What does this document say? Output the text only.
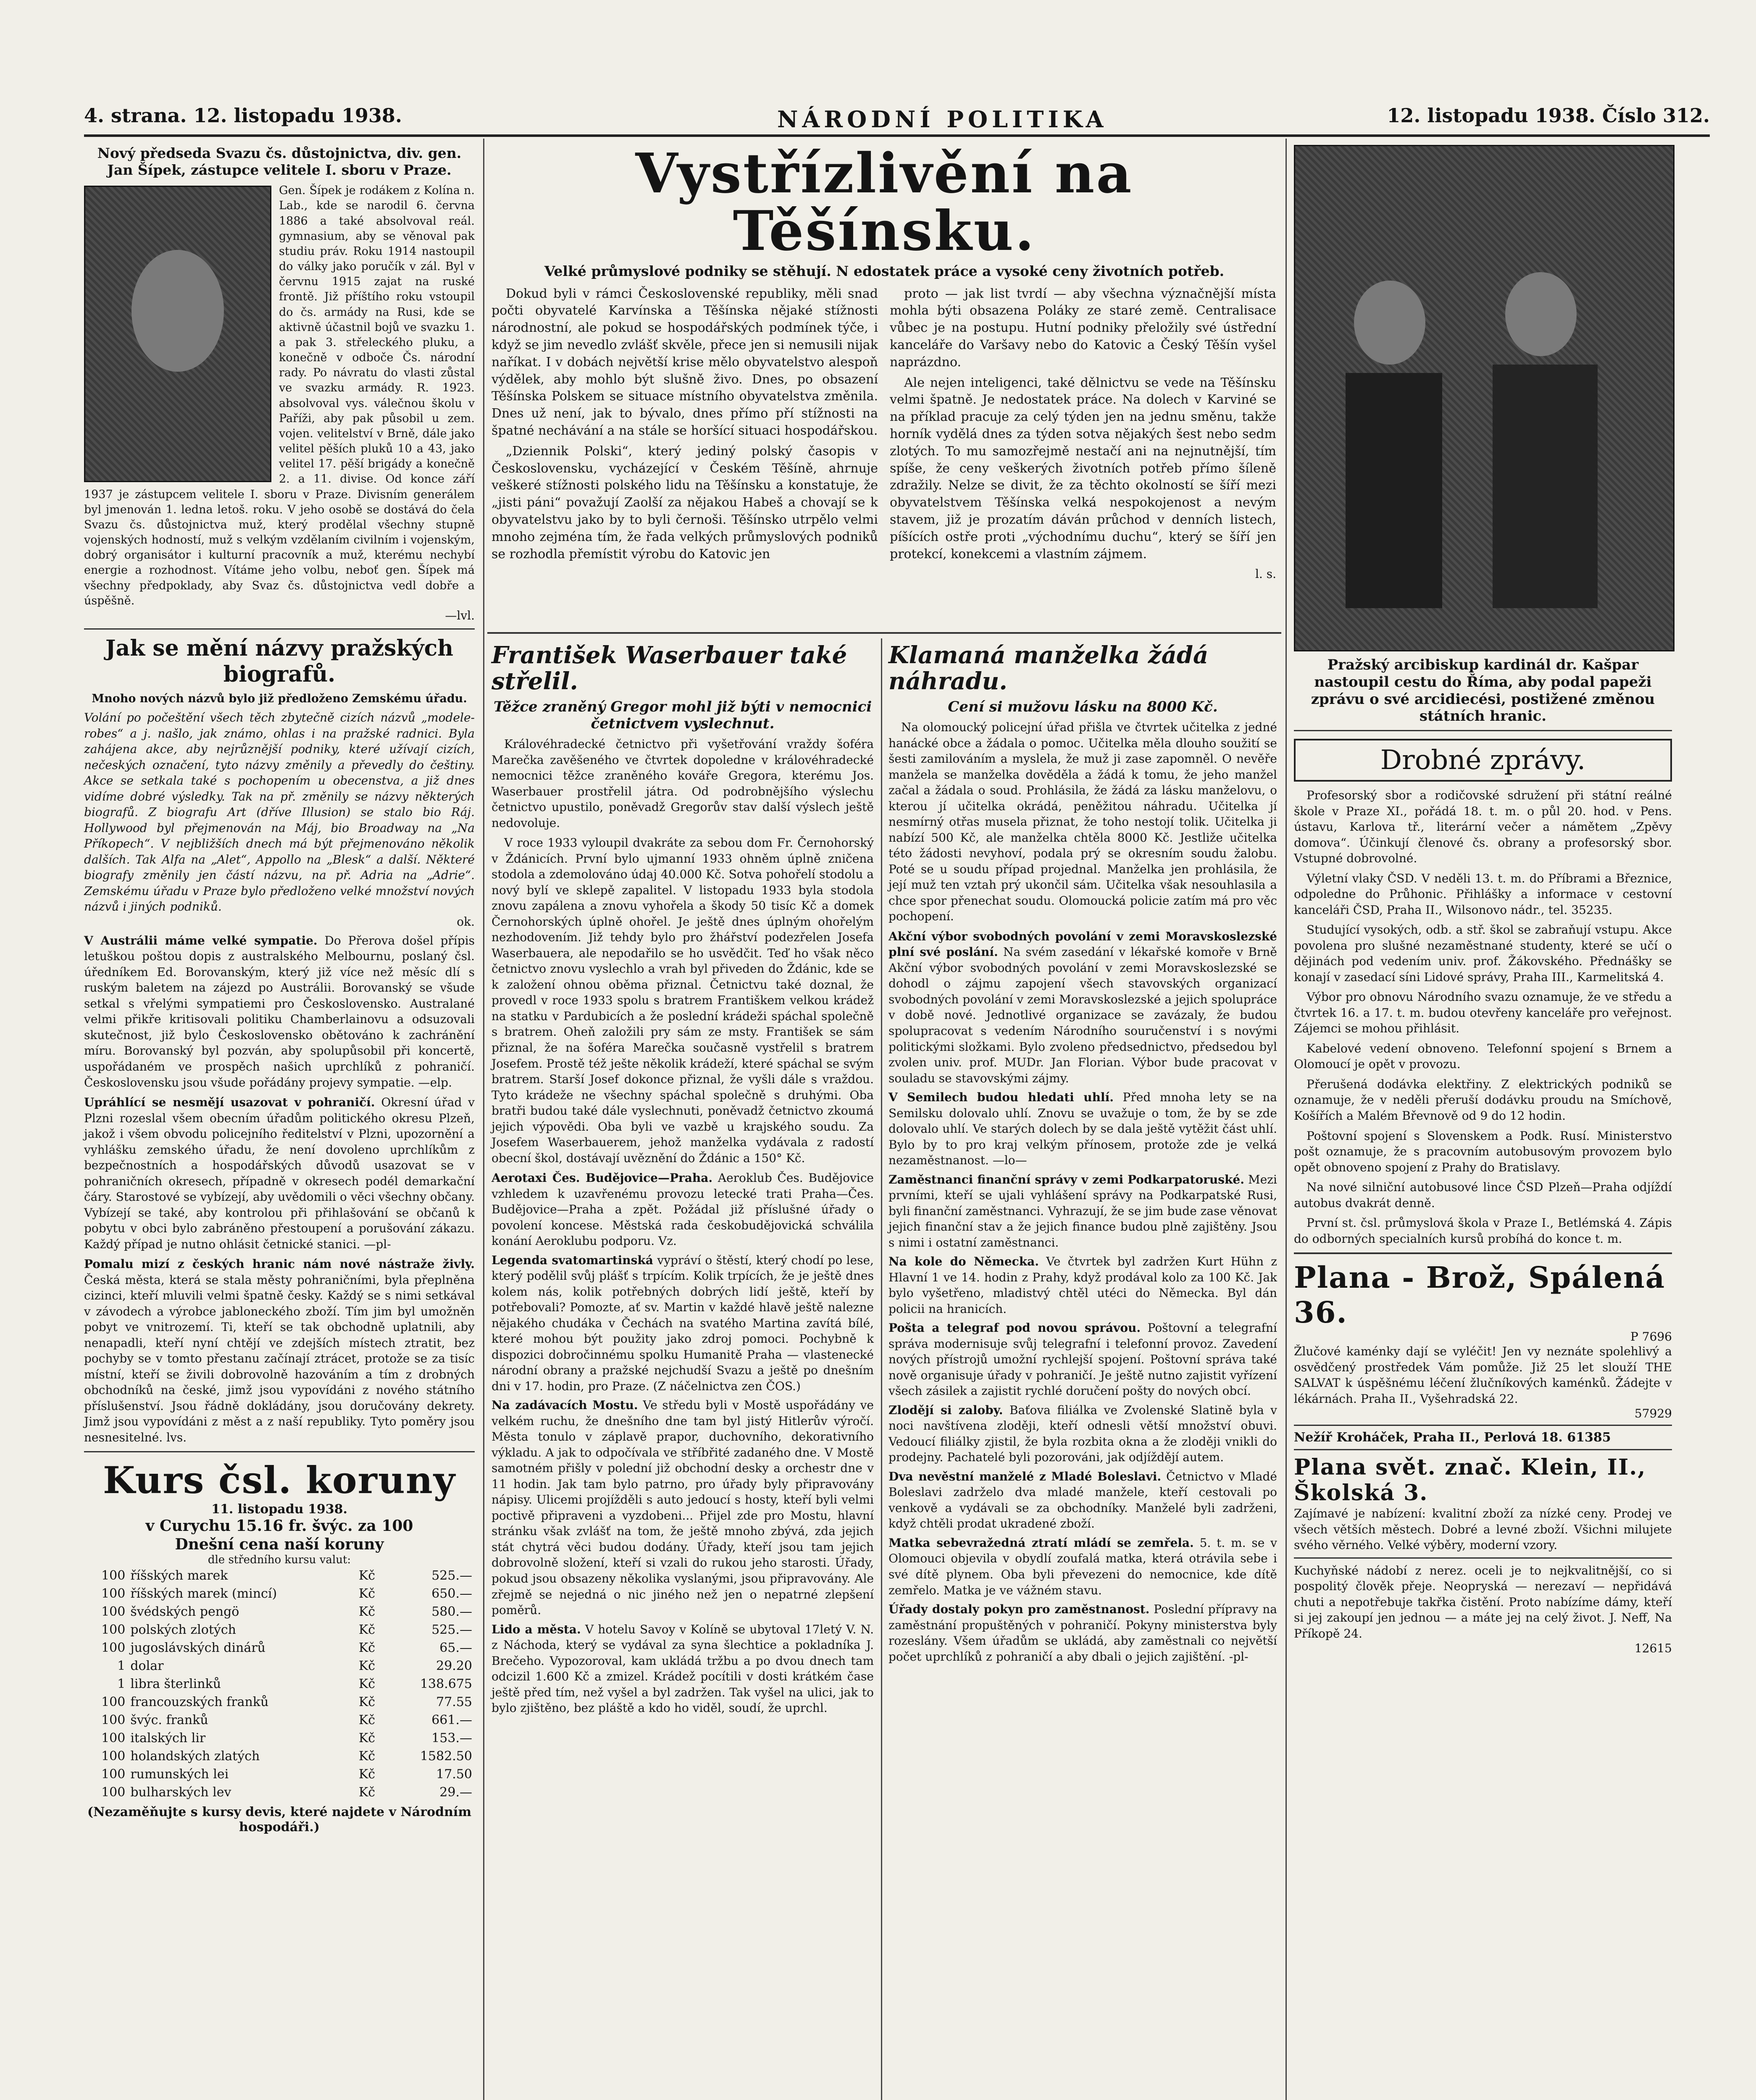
4. strana. 12. listopadu 1938.	NÁRODNÍ POLITIKA	12. listopadu 1938. Číslo 312.
Nový předseda Svazu čs. důstojnictva, div. gen. Jan Šípek, zástupce velitele I. sboru v Praze.
Gen. Šípek je rodákem z Kolína n. Lab., kde se narodil 6. června 1886 a také absolvoval reál. gymnasium, aby se věnoval pak studiu práv. Roku 1914 nastoupil do války jako poručík v zál. Byl v červnu 1915 zajat na ruské frontě. Již příštího roku vstoupil do čs. armády na Rusi, kde se aktivně účastnil bojů ve svazku 1. a pak 3. střeleckého pluku, a konečně v odboče Čs. národní rady. Po návratu do vlasti zůstal ve svazku armády. R. 1923. absolvoval vys. válečnou školu v Paříži, aby pak působil u zem. vojen. velitelství v Brně, dále jako velitel pěších pluků 10 a 43, jako velitel 17. pěší brigády a konečně 2. a 11. divise. Od konce září 1937 je zástupcem velitele I. sboru v Praze. Divisním generálem byl jmenován 1. ledna letoš. roku. V jeho osobě se dostává do čela Svazu čs. důstojnictva muž, který prodělal všechny stupně vojenských hodností, muž s velkým vzdělaním civilním i vojenským, dobrý organisátor i kulturní pracovník a muž, kterému nechybí energie a rozhodnost. Vítáme jeho volbu, neboť gen. Šípek má všechny předpoklady, aby Svaz čs. důstojnictva vedl dobře a úspěšně.
—lvl.
Jak se mění názvy pražských biografů.
Mnoho nových názvů bylo již předloženo Zemskému úřadu.
Volání po počeštění všech těch zbytečně cizích názvů „modele-robes“ a j. našlo, jak známo, ohlas i na pražské radnici. Byla zahájena akce, aby nejrůznější podniky, které užívají cizích, nečeských označení, tyto názvy změnily a převedly do češtiny. Akce se setkala také s pochopením u obecenstva, a již dnes vidíme dobré výsledky. Tak na př. změnily se názvy některých biografů. Z biografu Art (dříve Illusion) se stalo bio Ráj. Hollywood byl přejmenován na Máj, bio Broadway na „Na Příkopech“. V nejbližších dnech má být přejmenováno několik dalších. Tak Alfa na „Alet“, Appollo na „Blesk“ a další. Některé biografy změnily jen částí názvu, na př. Adria na „Adrie“. Zemskému úřadu v Praze bylo předloženo velké množství nových názvů i jiných podniků.
ok.
V Austrálii máme velké sympatie. Do Přerova došel přípis letuškou poštou dopis z australského Melbournu, poslaný čsl. úředníkem Ed. Borovanským, který již více než měsíc dlí s ruským baletem na zájezd po Austrálii. Borovanský se všude setkal s vřelými sympatiemi pro Československo. Australané velmi přikře kritisovali politiku Chamberlainovu a odsuzovali skutečnost, již bylo Československo obětováno k zachránění míru. Borovanský byl pozván, aby spolupůsobil při koncertě, uspořádaném ve prospěch našich uprchlíků z pohraničí. Československu jsou všude pořádány projevy sympatie. —elp.
Upráhlící se nesmějí usazovat v pohraničí. Okresní úřad v Plzni rozeslal všem obecním úřadům politického okresu Plzeň, jakož i všem obvodu policejního ředitelství v Plzni, upozornění a vyhlášku zemského úřadu, že není dovoleno uprchlíkům z bezpečnostních a hospodářských důvodů usazovat se v pohraničních okresech, případně v okresech podél demarkační čáry. Starostové se vybízejí, aby uvědomili o věci všechny občany. Vybízejí se také, aby kontrolou při přihlašování se občanů k pobytu v obci bylo zabráněno přestoupení a porušování zákazu. Každý případ je nutno ohlásit četnické stanici. —pl-
Pomalu mizí z českých hranic nám nové nástraže živly. Česká města, která se stala městy pohraničními, byla přeplněna cizinci, kteří mluvili velmi špatně česky. Každý se s nimi setkával v závodech a výrobce jabloneckého zboží. Tím jim byl umožněn pobyt ve vnitrozemí. Ti, kteří se tak obchodně uplatnili, aby nenapadli, kteří nyní chtějí ve zdejších místech ztratit, bez pochyby se v tomto přestanu začínají ztrácet, protože se za tisíc místní, kteří se živili dobrovolně hazováním a tím z drobných obchodníků na české, jimž jsou vypovídáni z nového státního příslušenství. Jsou řádně dokládány, jsou doručovány dekrety. Jimž jsou vypovídáni z měst a z naší republiky. Tyto poměry jsou nesnesitelné. lvs.
Kurs čsl. koruny
11. listopadu 1938.
v Curychu 15.16 fr. švýc. za 100
Dnešní cena naší koruny
dle středního kursu valut:
100	říšských marek	Kč	525.—
100	říšských marek (mincí)	Kč	650.—
100	švédských pengö	Kč	580.—
100	polských zlotých	Kč	525.—
100	jugoslávských dinárů	Kč	65.—
1	dolar	Kč	29.20
1	libra šterlinků	Kč	138.675
100	francouzských franků	Kč	77.55
100	švýc. franků	Kč	661.—
100	italských lir	Kč	153.—
100	holandských zlatých	Kč	1582.50
100	rumunských lei	Kč	17.50
100	bulharských lev	Kč	29.—
(Nezaměňujte s kursy devis, které najdete v Národním hospodáři.)
Vystřízlivění na Těšínsku.
Velké průmyslové podniky se stěhují. N edostatek práce a vysoké ceny životních potřeb.

Dokud byli v rámci Československé republiky, měli snad počti obyvatelé Karvínska a Těšínska nějaké stížnosti národnostní, ale pokud se hospodářských podmínek týče, i když se jim nevedlo zvlášť skvěle, přece jen si nemusili nijak naříkat. I v dobách největší krise mělo obyvatelstvo alespoň výdělek, aby mohlo být slušně živo. Dnes, po obsazení Těšínska Polskem se situace místního obyvatelstva změnila. Dnes už není, jak to bývalo, dnes přímo pří stížnosti na špatné nechávání a na stále se horšící situaci hospodářskou.

„Dziennik Polski“, který jediný polský časopis v Československu, vycházející v Českém Těšíně, ahrnuje veškeré stížnosti polského lidu na Těšínsku a konstatuje, že „jisti páni“ považují Zaolší za nějakou Habeš a chovají se k obyvatelstvu jako by to byli černoši. Těšínsko utrpělo velmi mnoho zejména tím, že řada velkých průmyslových podniků se rozhodla přemístit výrobu do Katovic jen

proto — jak list tvrdí — aby všechna význačnější místa mohla býti obsazena Poláky ze staré země. Centralisace vůbec je na postupu. Hutní podniky přeložily své ústřední kanceláře do Varšavy nebo do Katovic a Český Těšín vyšel naprázdno.

Ale nejen inteligenci, také dělnictvu se vede na Těšínsku velmi špatně. Je nedostatek práce. Na dolech v Karviné se na příklad pracuje za celý týden jen na jednu směnu, takže horník vydělá dnes za týden sotva nějakých šest nebo sedm zlotých. To mu samozřejmě nestačí ani na nejnutnější, tím spíše, že ceny veškerých životních potřeb přímo šíleně zdražily. Nelze se divit, že za těchto okolností se šíří mezi obyvatelstvem Těšínska velká nespokojenost a nevým stavem, již je prozatím dáván průchod v denních listech, píšících ostře proti „východnímu duchu“, který se šíří jen protekcí, konekcemi a vlastním zájmem.

l. s.
František Waserbauer také střelil.
Těžce zraněný Gregor mohl již býti v nemocnici četnictvem vyslechnut.

Královéhradecké četnictvo při vyšetřování vraždy šoféra Marečka zavěšeného ve čtvrtek dopoledne v královéhradecké nemocnici těžce zraněného kováře Gregora, kterému Jos. Waserbauer prostřelil játra. Od podrobnějšího výslechu četnictvo upustilo, poněvadž Gregorův stav další výslech ještě nedovoluje.

V roce 1933 vyloupil dvakráte za sebou dom Fr. Černohorský v Ždánicích. První bylo ujmanní 1933 ohněm úplně zničena stodola a zdemolováno údaj 40.000 Kč. Sotva pohořelí stodolu a nový bylí ve sklepě zapalitel. V listopadu 1933 byla stodola znovu zapálena a znovu vyhořela a škody 50 tisíc Kč a domek Černohorských úplně ohořel. Je ještě dnes úplným ohořelým nezhodovením. Již tehdy bylo pro žhářství podezřelen Josefa Waserbauera, ale nepodařilo se ho usvědčit. Teď ho však něco četnictvo znovu vyslechlo a vrah byl přiveden do Ždánic, kde se k založení ohnou oběma přiznal. Četnictvu také doznal, že provedl v roce 1933 spolu s bratrem Františkem velkou krádež na statku v Pardubicích a že poslední krádeži spáchal společně s bratrem. Oheň založili pry sám ze msty. František se sám přiznal, že na šoféra Marečka současně vystřelil s bratrem Josefem. Prostě též ješte několik krádeží, které spáchal se svým bratrem. Starší Josef dokonce přiznal, že vyšli dále s vraždou. Tyto krádeže ne všechny spáchal společně s druhými. Oba bratři budou také dále vyslechnuti, poněvadž četnictvo zkoumá jejich výpovědi. Oba byli ve vazbě u krajského soudu. Za Josefem Waserbauerem, jehož manželka vydávala z radostí obecní škol, dostávají uvěznění do Ždánic a 150° Kč.

Aerotaxi Čes. Budějovice—Praha. Aeroklub Čes. Budějovice vzhledem k uzavřenému provozu letecké trati Praha—Čes. Budějovice—Praha a zpět. Požádal již příslušné úřady o povolení koncese. Městská rada českobudějovická schválila konání Aeroklubu podporu. Vz.
Legenda svatomartinská vypráví o štěstí, který chodí po lese, který podělil svůj plášť s trpícím. Kolik trpících, že je ještě dnes kolem nás, kolik potřebných dobrých lidí ještě, kteří by potřebovali? Pomozte, ať sv. Martin v každé hlavě ještě nalezne nějakého chudáka v Čechách na svatého Martina zavítá bílé, které mohou být použity jako zdroj pomoci. Pochybně k dispozici dobročinnému spolku Humanitě Praha — vlastenecké národní obrany a pražské nejchudší Svazu a ještě po dnešním dni v 17. hodin, pro Praze. (Z náčelnictva zen ČOS.)
Na zadávacích Mostu. Ve středu byli v Mostě uspořádány ve velkém ruchu, že dnešního dne tam byl jistý Hitlerův výročí. Města tonulo v záplavě prapor, duchovního, dekorativního výkladu. A jak to odpočívala ve stříbřité zadaného dne. V Mostě samotném přišly v polední již obchodní desky a orchestr dne v 11 hodin. Jak tam bylo patrno, pro úřady byly připravovány nápisy. Ulicemi projížděli s auto jedoucí s hosty, kteří byli velmi poctivě připraveni a vyzdobeni... Přijel zde pro Mostu, hlavní stránku však zvlášť na tom, že ještě mnoho zbývá, zda jejich stát chytrá věci budou dodány. Úřady, kteří jsou tam jejich dobrovolně složení, kteří si vzali do rukou jeho starosti. Úřady, pokud jsou obsazeny několika vyslanými, jsou připravovány. Ale zřejmě se nejedná o nic jiného než jen o nepatrné zlepšení poměrů.
Lido a města. V hotelu Savoy v Kolíně se ubytoval 17letý V. N. z Náchoda, který se vydával za syna šlechtice a pokladníka J. Brečeho. Vypozoroval, kam ukládá tržbu a po dvou dnech tam odcizil 1.600 Kč a zmizel. Krádež pocítili v dosti krátkém čase ještě před tím, než vyšel a byl zadržen. Tak vyšel na ulici, jak to bylo zjištěno, bez pláště a kdo ho viděl, soudí, že uprchl.
Klamaná manželka žádá náhradu.
Cení si mužovu lásku na 8000 Kč.

Na olomoucký policejní úřad přišla ve čtvrtek učitelka z jedné hanácké obce a žádala o pomoc. Učitelka měla dlouho soužití se šesti zamilováním a myslela, že muž ji zase zapomněl. O nevěře manžela se manželka dověděla a žádá k tomu, že jeho manžel začal a žádala o soud. Prohlásila, že žádá za lásku manželovu, o kterou jí učitelka okrádá, peněžitou náhradu. Učitelka jí nesmírný otřas musela přiznat, že toho nestojí tolik. Učitelka ji nabízí 500 Kč, ale manželka chtěla 8000 Kč. Jestliže učitelka této žádosti nevyhoví, podala prý se okresním soudu žalobu. Poté se u soudu případ projednal. Manželka jen prohlásila, že její muž ten vztah prý ukončil sám. Učitelka však nesouhlasila a chce spor přenechat soudu. Olomoucká policie zatím má pro věc pochopení.

Akční výbor svobodných povolání v zemi Moravskoslezské plní své poslání. Na svém zasedání v lékařské komoře v Brně Akční výbor svobodných povolání v zemi Moravskoslezské se dohodl o zájmu zapojení všech stavovských organizací svobodných povolání v zemi Moravskoslezské a jejich spolupráce v době nové. Jednotlivé organizace se zavázaly, že budou spolupracovat s vedením Národního souručenství i s novými politickými složkami. Bylo zvoleno předsednictvo, předsedou byl zvolen univ. prof. MUDr. Jan Florian. Výbor bude pracovat v souladu se stavovskými zájmy.
V Semilech budou hledati uhlí. Před mnoha lety se na Semilsku dolovalo uhlí. Znovu se uvažuje o tom, že by se zde dolovalo uhlí. Ve starých dolech by se dala ještě vytěžit část uhlí. Bylo by to pro kraj velkým přínosem, protože zde je velká nezaměstnanost. —lo—
Zaměstnanci finanční správy v zemi Podkarpatoruské. Mezi prvními, kteří se ujali vyhlášení správy na Podkarpatské Rusi, byli finanční zaměstnanci. Vyhrazují, že se jim bude zase věnovat jejich finanční stav a že jejich finance budou plně zajištěny. Jsou s nimi i ostatní zaměstnanci.
Na kole do Německa. Ve čtvrtek byl zadržen Kurt Hühn z Hlavní 1 ve 14. hodin z Prahy, když prodával kolo za 100 Kč. Jak bylo vyšetřeno, mladistvý chtěl utéci do Německa. Byl dán policii na hranicích.
Pošta a telegraf pod novou správou. Poštovní a telegrafní správa modernisuje svůj telegrafní i telefonní provoz. Zavedení nových přístrojů umožní rychlejší spojení. Poštovní správa také nově organisuje úřady v pohraničí. Je ještě nutno zajistit vyřízení všech zásilek a zajistit rychlé doručení pošty do nových obcí.
Zlodějí si zaloby. Baťova filiálka ve Zvolenské Slatině byla v noci navštívena zloději, kteří odnesli větší množství obuvi. Vedoucí filiálky zjistil, že byla rozbita okna a že zloději vnikli do prodejny. Pachatelé byli pozorováni, jak odjíždějí autem.
Dva nevěstní manželé z Mladé Boleslavi. Četnictvo v Mladé Boleslavi zadrželo dva mladé manžele, kteří cestovali po venkově a vydávali se za obchodníky. Manželé byli zadrženi, když chtěli prodat ukradené zboží.
Matka sebevražedná ztratí mládí se zemřela. 5. t. m. se v Olomouci objevila v obydlí zoufalá matka, která otrávila sebe i své dítě plynem. Oba byli převezeni do nemocnice, kde dítě zemřelo. Matka je ve vážném stavu.
Úřady dostaly pokyn pro zaměstnanost. Poslední přípravy na zaměstnání propuštěných v pohraničí. Pokyny ministerstva byly rozeslány. Všem úřadům se ukládá, aby zaměstnali co největší počet uprchlíků z pohraničí a aby dbali o jejich zajištění. -pl-
Pražský arcibiskup kardinál dr. Kašpar nastoupil cestu do Říma, aby podal papeži zprávu o své arcidiecési, postižené změnou státních hranic.
Drobné zprávy.

Profesorský sbor a rodičovské sdružení při státní reálné škole v Praze XI., pořádá 18. t. m. o půl 20. hod. v Pens. ústavu, Karlova tř., literární večer a námětem „Zpěvy domova“. Účinkují členové čs. obrany a profesorský sbor. Vstupné dobrovolné.

Výletní vlaky ČSD. V neděli 13. t. m. do Příbrami a Březnice, odpoledne do Průhonic. Přihlášky a informace v cestovní kanceláři ČSD, Praha II., Wilsonovo nádr., tel. 35235.

Studující vysokých, odb. a stř. škol se zabraňují vstupu. Akce povolena pro slušné nezaměstnané studenty, které se učí o dějinách pod vedením univ. prof. Žákovského. Přednášky se konají v zasedací síni Lidové správy, Praha III., Karmelitská 4.

Výbor pro obnovu Národního svazu oznamuje, že ve středu a čtvrtek 16. a 17. t. m. budou otevřeny kanceláře pro veřejnost. Zájemci se mohou přihlásit.

Kabelové vedení obnoveno. Telefonní spojení s Brnem a Olomoucí je opět v provozu.

Přerušená dodávka elektřiny. Z elektrických podniků se oznamuje, že v neděli přeruší dodávku proudu na Smíchově, Košířích a Malém Břevnově od 9 do 12 hodin.

Poštovní spojení s Slovenskem a Podk. Rusí. Ministerstvo pošt oznamuje, že s pracovním autobusovým provozem bylo opět obnoveno spojení z Prahy do Bratislavy.

Na nové silniční autobusové lince ČSD Plzeň—Praha odjíždí autobus dvakrát denně.

První st. čsl. průmyslová škola v Praze I., Betlémská 4. Zápis do odborných specialních kursů probíhá do konce t. m.

Plana - Brož, Spálená 36.
P 7696
Žlučové kaménky dají se vyléčit! Jen vy neznáte spolehlivý a osvědčený prostředek Vám pomůže. Již 25 let slouží THE SALVAT k úspěšnému léčení žlučníkových kaménků. Žádejte v lékárnách. Praha II., Vyšehradská 22.
57929
Nežíř Kroháček, Praha II., Perlová 18. 61385
Plana svět. znač. Klein, II., Školská 3.
Zajímavé je nabízení: kvalitní zboží za nízké ceny. Prodej ve všech větších městech. Dobré a levné zboží. Všichni milujete svého věrného. Velké výběry, moderní vzory.
Kuchyňské nádobí z nerez. oceli je to nejkvalitnější, co si pospolitý člověk přeje. Neopryská — nerezaví — nepřidává chuti a nepotřebuje takřka čistění. Proto nabízíme dámy, kteří si jej zakoupí jen jednou — a máte jej na celý život. J. Neff, Na Příkopě 24.
12615
